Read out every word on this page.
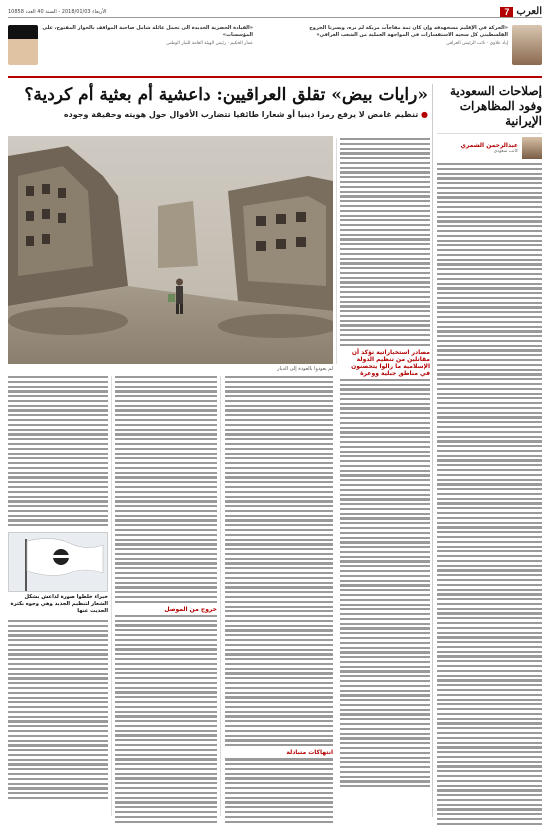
العرب
7
الأربعاء 2018/01/03 - السنة 40 العدد 10858
«الحركة في الإقليم مسخهدفه وإن كان ثمة مفاجآت مربكة لم نره، ويسرنا الخروج الفلسطيني كل سحيه الاستفسارات في المواجهة العملية من الشعب العراقي»
إياد علاوي · نائب الرئيس العراقي
«القيادة الحضرية الجديدة الى تحمل عائلة شامل صاحبة المواقف بالحوار المفتوح، على المؤسسات»
عمار الحكيم · رئيس الهيئة العامة للتيار الوطني
«رايات بيض» تقلق العراقيين: داعشية أم بعثية أم كردية؟
● تنظيم غامض لا يرفع رمزا دينيا أو شعارا طائفيا تتضارب الأقوال حول هويته وحقيقة وجوده
لم يعودوا بالعودة إلى الديار
مصادر استخباراتية تؤكد أن مقاتلين من تنظيم الدولة الإسلامية ما زالوا يتحصنون في مناطق جبلية ووعرة
انتهاكات متبادلة
خروج من الموصل
خبراء خلطوا صورة لداعش بشكل الشعار لتنظيم الجديد وهي وجوه بكثرة الحديث عنها
إصلاحات السعودية وفود المظاهرات الإيرانية
عبدالرحمن الشمري
كاتب سعودي
